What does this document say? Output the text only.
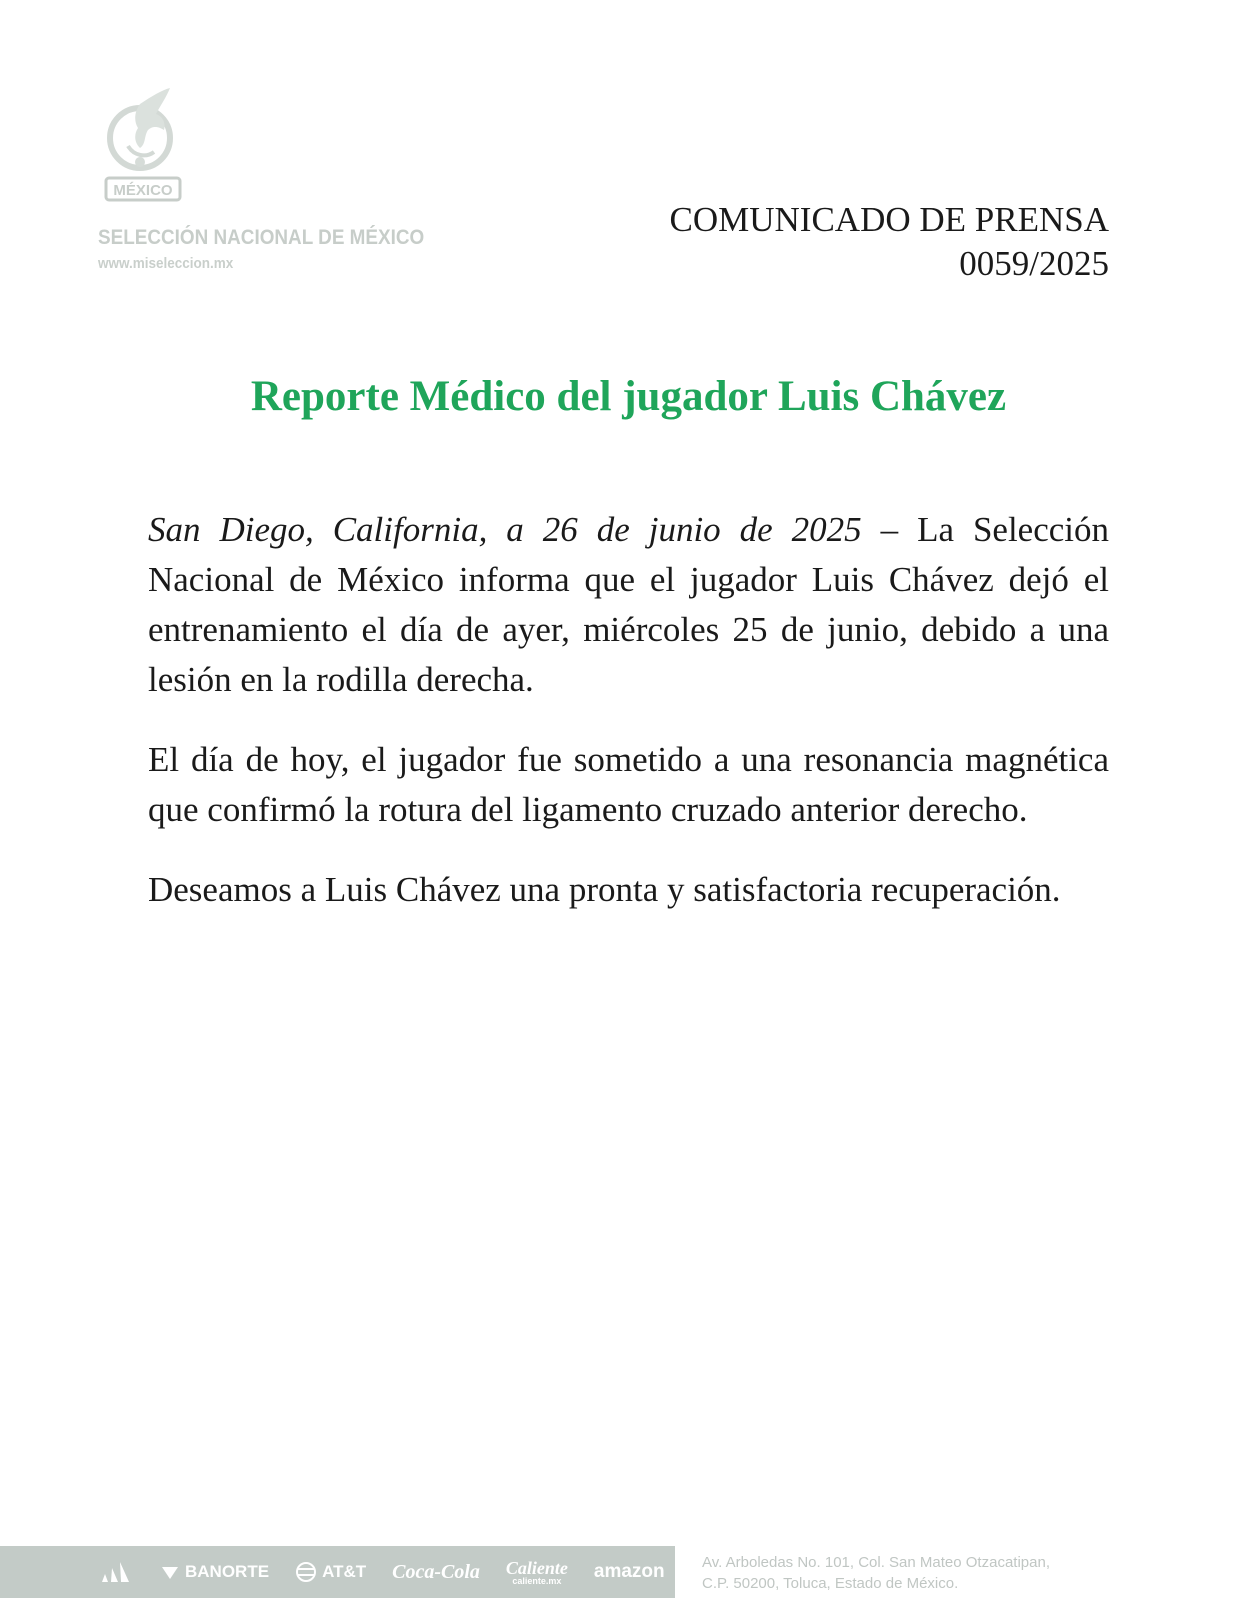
MÉXICO
SELECCIÓN NACIONAL DE MÉXICO
www.miseleccion.mx
COMUNICADO DE PRENSA
0059/2025
Reporte Médico del jugador Luis Chávez

San Diego, California, a 26 de junio de 2025 – La Selección Nacional de México informa que el jugador Luis Chávez dejó el entrenamiento el día de ayer, miércoles 25 de junio, debido a una lesión en la rodilla derecha.

El día de hoy, el jugador fue sometido a una resonancia magnética que confirmó la rotura del ligamento cruzado anterior derecho.

Deseamos a Luis Chávez una pronta y satisfactoria recuperación.

BANORTE	AT&T Coca-Cola Caliente
caliente.mx amazon Av. Arboledas No. 101, Col. San Mateo Otzacatipan,
C.P. 50200, Toluca, Estado de México.
